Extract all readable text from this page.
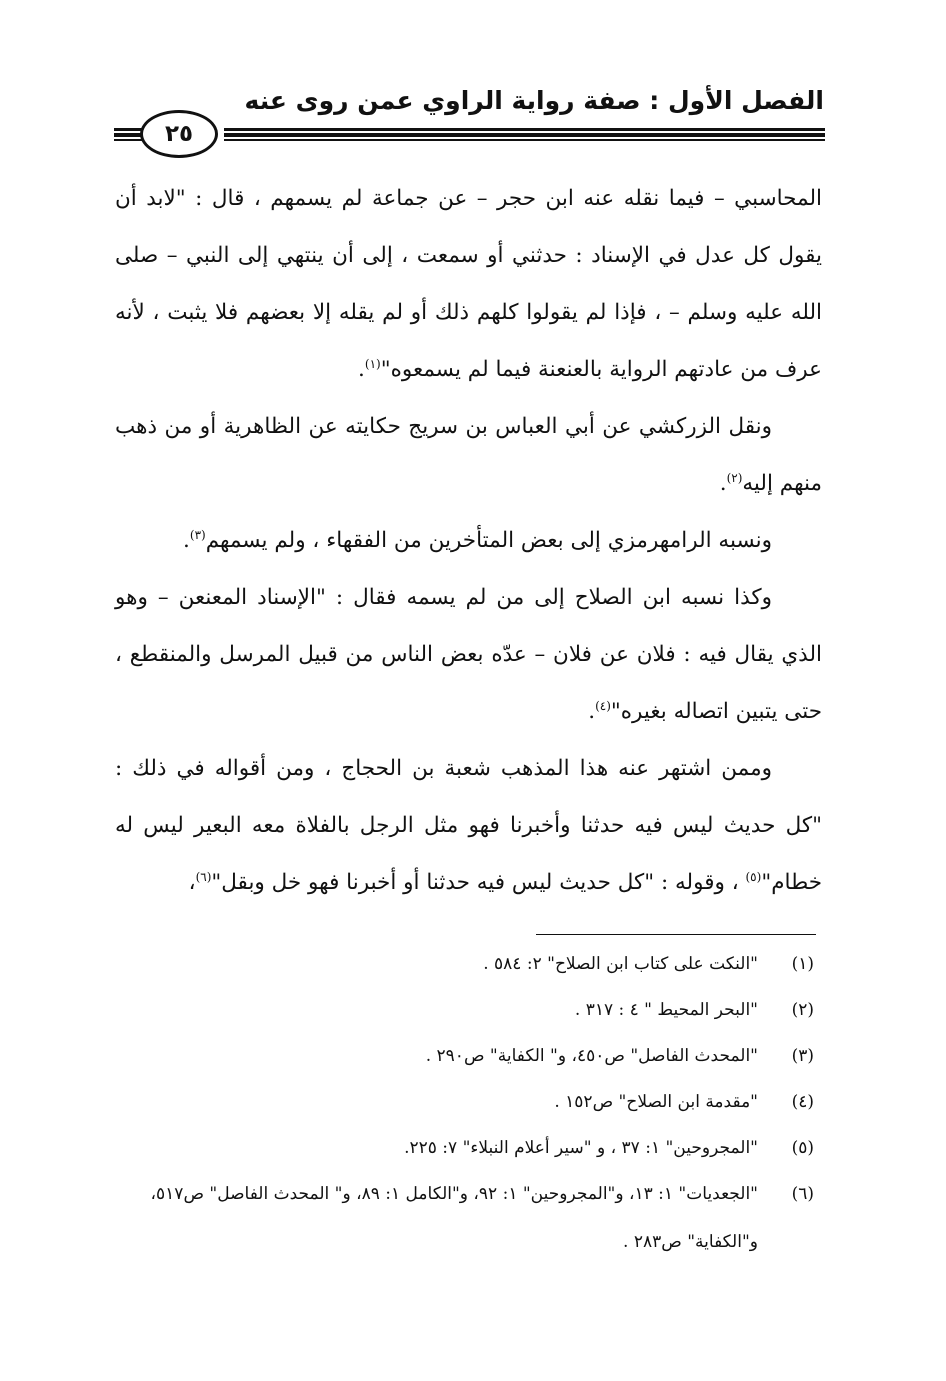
الفصل الأول : صفة رواية الراوي عمن روى عنه
٢٥

المحاسبي – فيما نقله عنه ابن حجر – عن جماعة لم يسمهم ، قال : "لابد أن يقول كل عدل في الإسناد : حدثني أو سمعت ، إلى أن ينتهي إلى النبي – صلى الله عليه وسلم – ، فإذا لم يقولوا كلهم ذلك أو لم يقله إلا بعضهم فلا يثبت ، لأنه عرف من عادتهم الرواية بالعنعنة فيما لم يسمعوه"$^{(١)}$.

ونقل الزركشي عن أبي العباس بن سريج حكايته عن الظاهرية أو من ذهب منهم إليه$^{(٢)}$.

ونسبه الرامهرمزي إلى بعض المتأخرين من الفقهاء ، ولم يسمهم$^{(٣)}$.

وكذا نسبه ابن الصلاح إلى من لم يسمه فقال : "الإسناد المعنعن – وهو الذي يقال فيه : فلان عن فلان – عدّه بعض الناس من قبيل المرسل والمنقطع ، حتى يتبين اتصاله بغيره"$^{(٤)}$.

وممن اشتهر عنه هذا المذهب شعبة بن الحجاج ، ومن أقواله في ذلك : "كل حديث ليس فيه حدثنا وأخبرنا فهو مثل الرجل بالفلاة معه البعير ليس له خطام"$^{(٥)}$ ، وقوله : "كل حديث ليس فيه حدثنا أو أخبرنا فهو خل وبقل"$^{(٦)}$،

(١)
"النكت على كتاب ابن الصلاح" ٢: ٥٨٤ .
(٢)
"البحر المحيط " ٤ : ٣١٧ .
(٣)
"المحدث الفاصل" ص٤٥٠، و" الكفاية" ص٢٩٠ .
(٤)
"مقدمة ابن الصلاح" ص١٥٢ .
(٥)
"المجروحين" ١: ٣٧ ، و "سير أعلام النبلاء" ٧: ٢٢٥.
(٦)
"الجعديات" ١: ١٣، و"المجروحين" ١: ٩٢، و"الكامل ١: ٨٩، و" المحدث الفاصل" ص٥١٧، و"الكفاية" ص٢٨٣ .
